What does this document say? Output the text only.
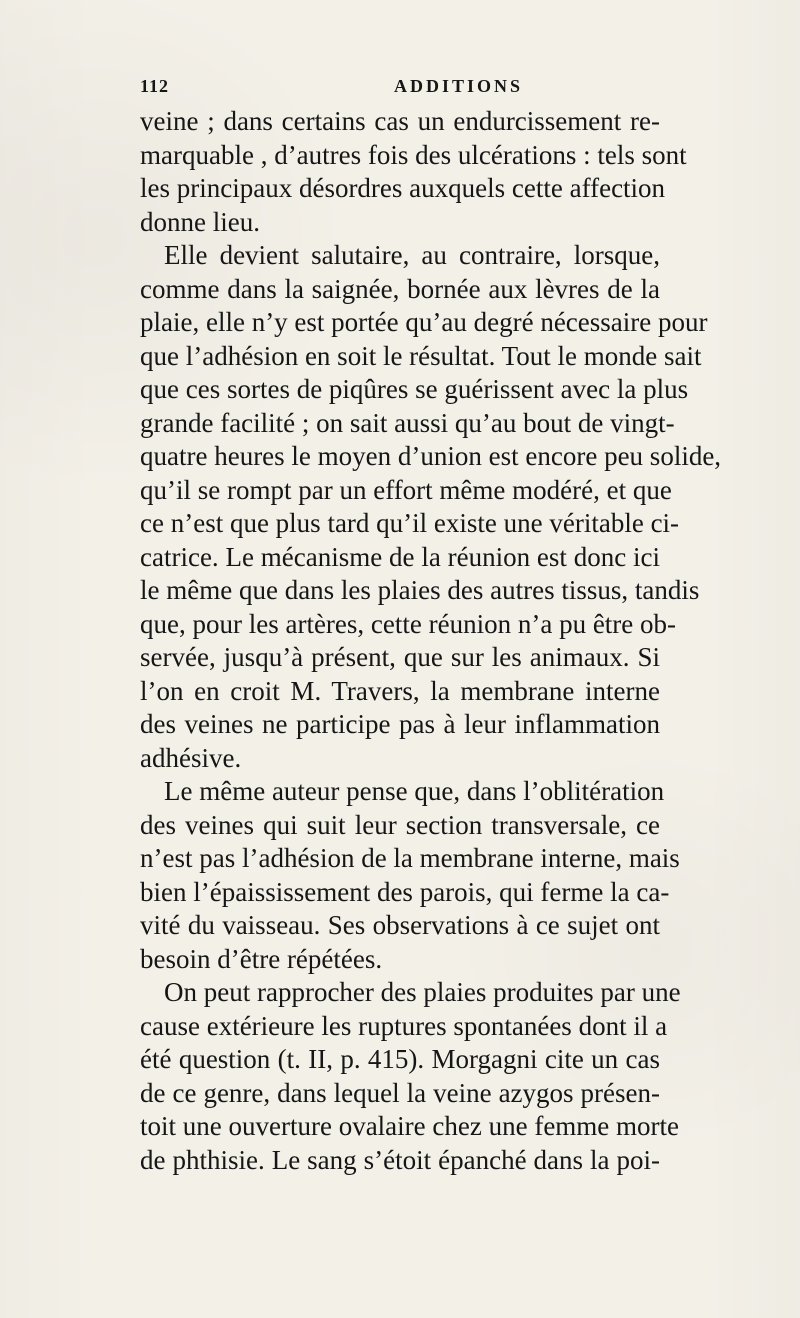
112	ADDITIONS
veine ; dans certains cas un endurcissement re-
marquable , d’autres fois des ulcérations : tels sont
les principaux désordres auxquels cette affection
donne lieu.
Elle devient salutaire, au contraire, lorsque,
comme dans la saignée, bornée aux lèvres de la
plaie, elle n’y est portée qu’au degré nécessaire pour
que l’adhésion en soit le résultat. Tout le monde sait
que ces sortes de piqûres se guérissent avec la plus
grande facilité ; on sait aussi qu’au bout de vingt-
quatre heures le moyen d’union est encore peu solide,
qu’il se rompt par un effort même modéré, et que
ce n’est que plus tard qu’il existe une véritable ci-
catrice. Le mécanisme de la réunion est donc ici
le même que dans les plaies des autres tissus, tandis
que, pour les artères, cette réunion n’a pu être ob-
servée, jusqu’à présent, que sur les animaux. Si
l’on en croit M. Travers, la membrane interne
des veines ne participe pas à leur inflammation
adhésive.
Le même auteur pense que, dans l’oblitération
des veines qui suit leur section transversale, ce
n’est pas l’adhésion de la membrane interne, mais
bien l’épaississement des parois, qui ferme la ca-
vité du vaisseau. Ses observations à ce sujet ont
besoin d’être répétées.
On peut rapprocher des plaies produites par une
cause extérieure les ruptures spontanées dont il a
été question (t. II, p. 415). Morgagni cite un cas
de ce genre, dans lequel la veine azygos présen-
toit une ouverture ovalaire chez une femme morte
de phthisie. Le sang s’étoit épanché dans la poi-
